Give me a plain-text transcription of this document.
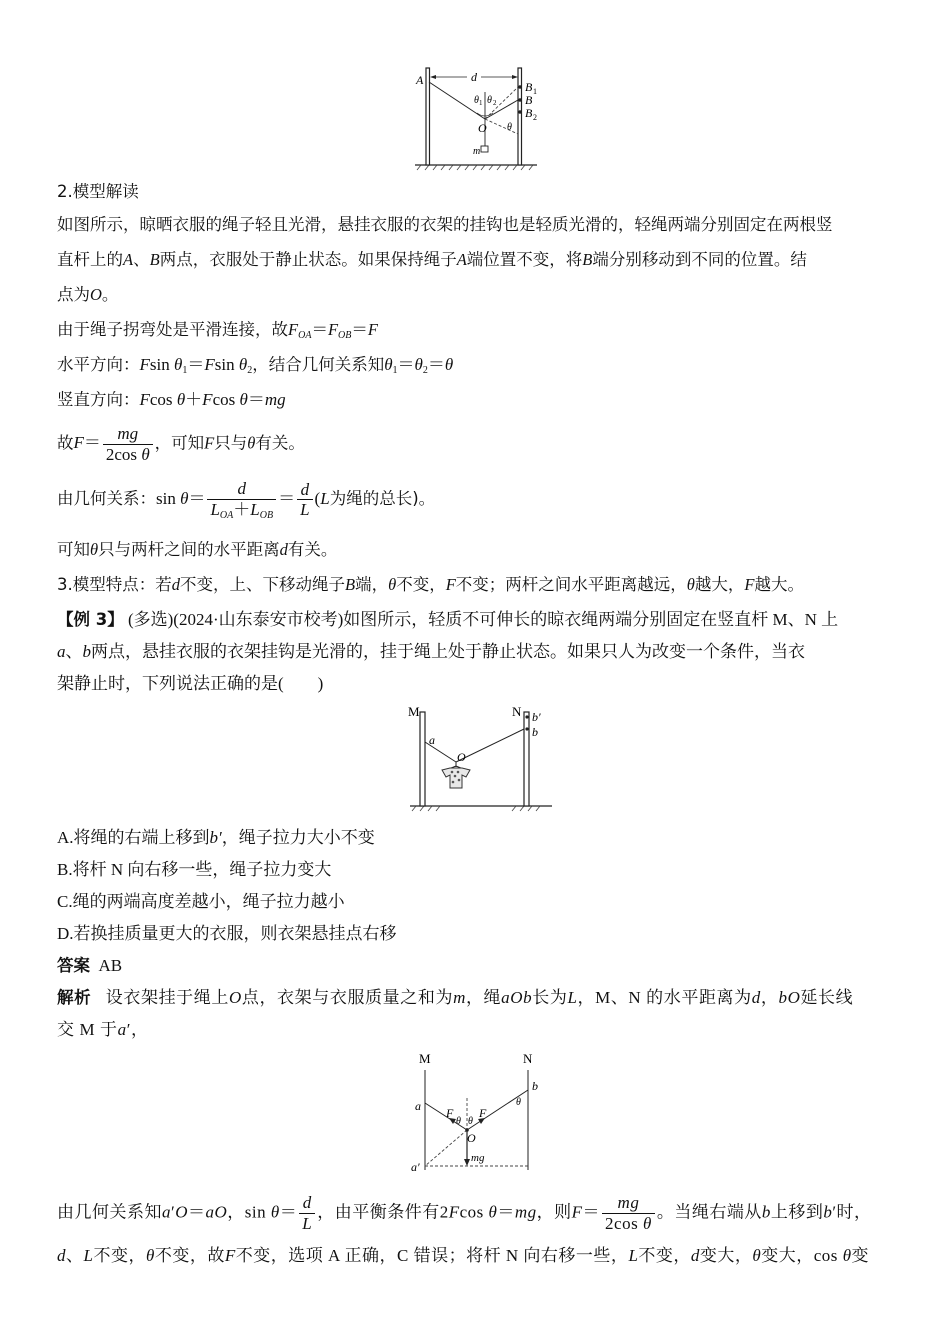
d
A	B 1
B
B 2
θ 1 θ 2
O θ
m
2.模型解读
如图所示，晾晒衣服的绳子轻且光滑，悬挂衣服的衣架的挂钩也是轻质光滑的，轻绳两端分别固定在两根竖
直杆上的A、B两点，衣服处于静止状态。如果保持绳子A端位置不变，将B端分别移动到不同的位置。结
点为O。
由于绳子拐弯处是平滑连接，故$F_{OA}=F_{OB}=F$
水平方向：Fsin $\theta_1=Fsin$ $\theta_2$，结合几何关系知$\theta_1=\theta_2=\theta$
竖直方向：Fcos θ＋Fcos θ＝mg
故$F= \frac{mg}{\text{2cos θ}}$ ，可知F只与θ有关。
由几何关系：$\sin \theta= \frac{d}{L_{OA}+L_{OB}} = \frac{d}{L} (L$为绳的总长)。
可知θ只与两杆之间的水平距离d有关。
3.模型特点：若d不变，上、下移动绳子B端，θ不变，F不变；两杆之间水平距离越远，θ越大，F越大。
【例 3】 (多选)(2024·山东泰安市校考)如图所示，轻质不可伸长的晾衣绳两端分别固定在竖直杆 M、N 上
a、b两点，悬挂衣服的衣架挂钩是光滑的，挂于绳上处于静止状态。如果只人为改变一个条件，当衣
架静止时，下列说法正确的是(　　)
M	N
a
b′
b
O
A.将绳的右端上移到b′，绳子拉力大小不变
B.将杆 N 向右移一些，绳子拉力变大
C.绳的两端高度差越小，绳子拉力越小
D.若换挂质量更大的衣服，则衣架悬挂点右移
答案 AB
解析 设衣架挂于绳上O点，衣架与衣服质量之和为m，绳aOb长为L，M、N 的水平距离为d，bO延长线
交 M 于a′，
M	N
a
b
F F
θ θ
θ
O
a′
mg
由几何关系知a′O＝aO，$\sin \theta= \frac{d}{L}$ ，由平衡条件有2Fcos θ＝mg，则$F= \frac{mg}{\text{2cos θ}}$ 。当绳右端从b上移到b′时，
d、L不变，θ不变，故F不变，选项 A 正确，C 错误；将杆 N 向右移一些，L不变，d变大，θ变大，cos θ变
